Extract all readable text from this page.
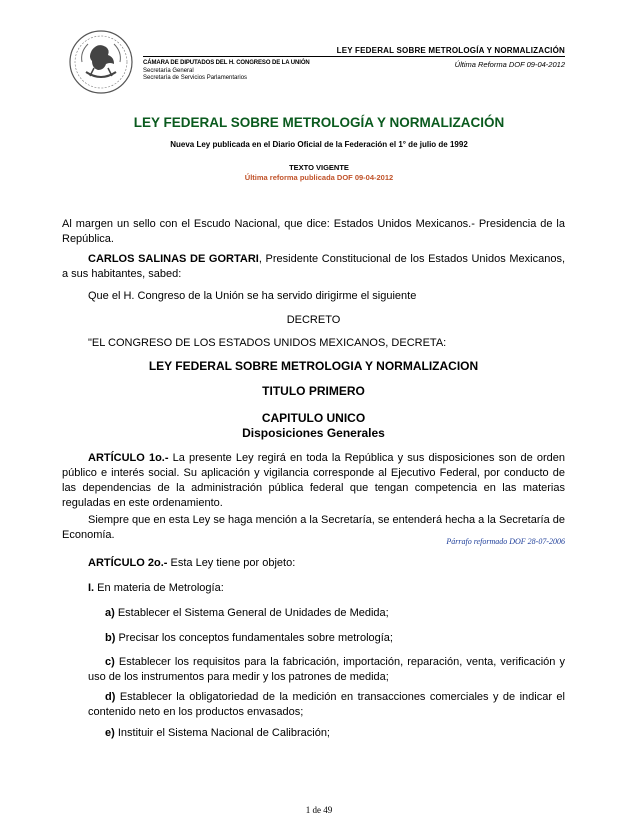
LEY FEDERAL SOBRE METROLOGÍA Y NORMALIZACIÓN
CÁMARA DE DIPUTADOS DEL H. CONGRESO DE LA UNIÓN
Secretaría General
Secretaría de Servicios Parlamentarios
Última Reforma DOF 09-04-2012
LEY FEDERAL SOBRE METROLOGÍA Y NORMALIZACIÓN
Nueva Ley publicada en el Diario Oficial de la Federación el 1° de julio de 1992
TEXTO VIGENTE
Última reforma publicada DOF 09-04-2012
Al margen un sello con el Escudo Nacional, que dice: Estados Unidos Mexicanos.- Presidencia de la República.
CARLOS SALINAS DE GORTARI, Presidente Constitucional de los Estados Unidos Mexicanos, a sus habitantes, sabed:
Que el H. Congreso de la Unión se ha servido dirigirme el siguiente
DECRETO
"EL CONGRESO DE LOS ESTADOS UNIDOS MEXICANOS, DECRETA:
LEY FEDERAL SOBRE METROLOGIA Y NORMALIZACION
TITULO PRIMERO
CAPITULO UNICO
Disposiciones Generales
ARTÍCULO 1o.- La presente Ley regirá en toda la República y sus disposiciones son de orden público e interés social. Su aplicación y vigilancia corresponde al Ejecutivo Federal, por conducto de las dependencias de la administración pública federal que tengan competencia en las materias reguladas en este ordenamiento.
Siempre que en esta Ley se haga mención a la Secretaría, se entenderá hecha a la Secretaría de Economía.
Párrafo reformado DOF 28-07-2006
ARTÍCULO 2o.- Esta Ley tiene por objeto:
I. En materia de Metrología:
a) Establecer el Sistema General de Unidades de Medida;
b) Precisar los conceptos fundamentales sobre metrología;
c) Establecer los requisitos para la fabricación, importación, reparación, venta, verificación y uso de los instrumentos para medir y los patrones de medida;
d) Establecer la obligatoriedad de la medición en transacciones comerciales y de indicar el contenido neto en los productos envasados;
e) Instituir el Sistema Nacional de Calibración;
1 de 49
